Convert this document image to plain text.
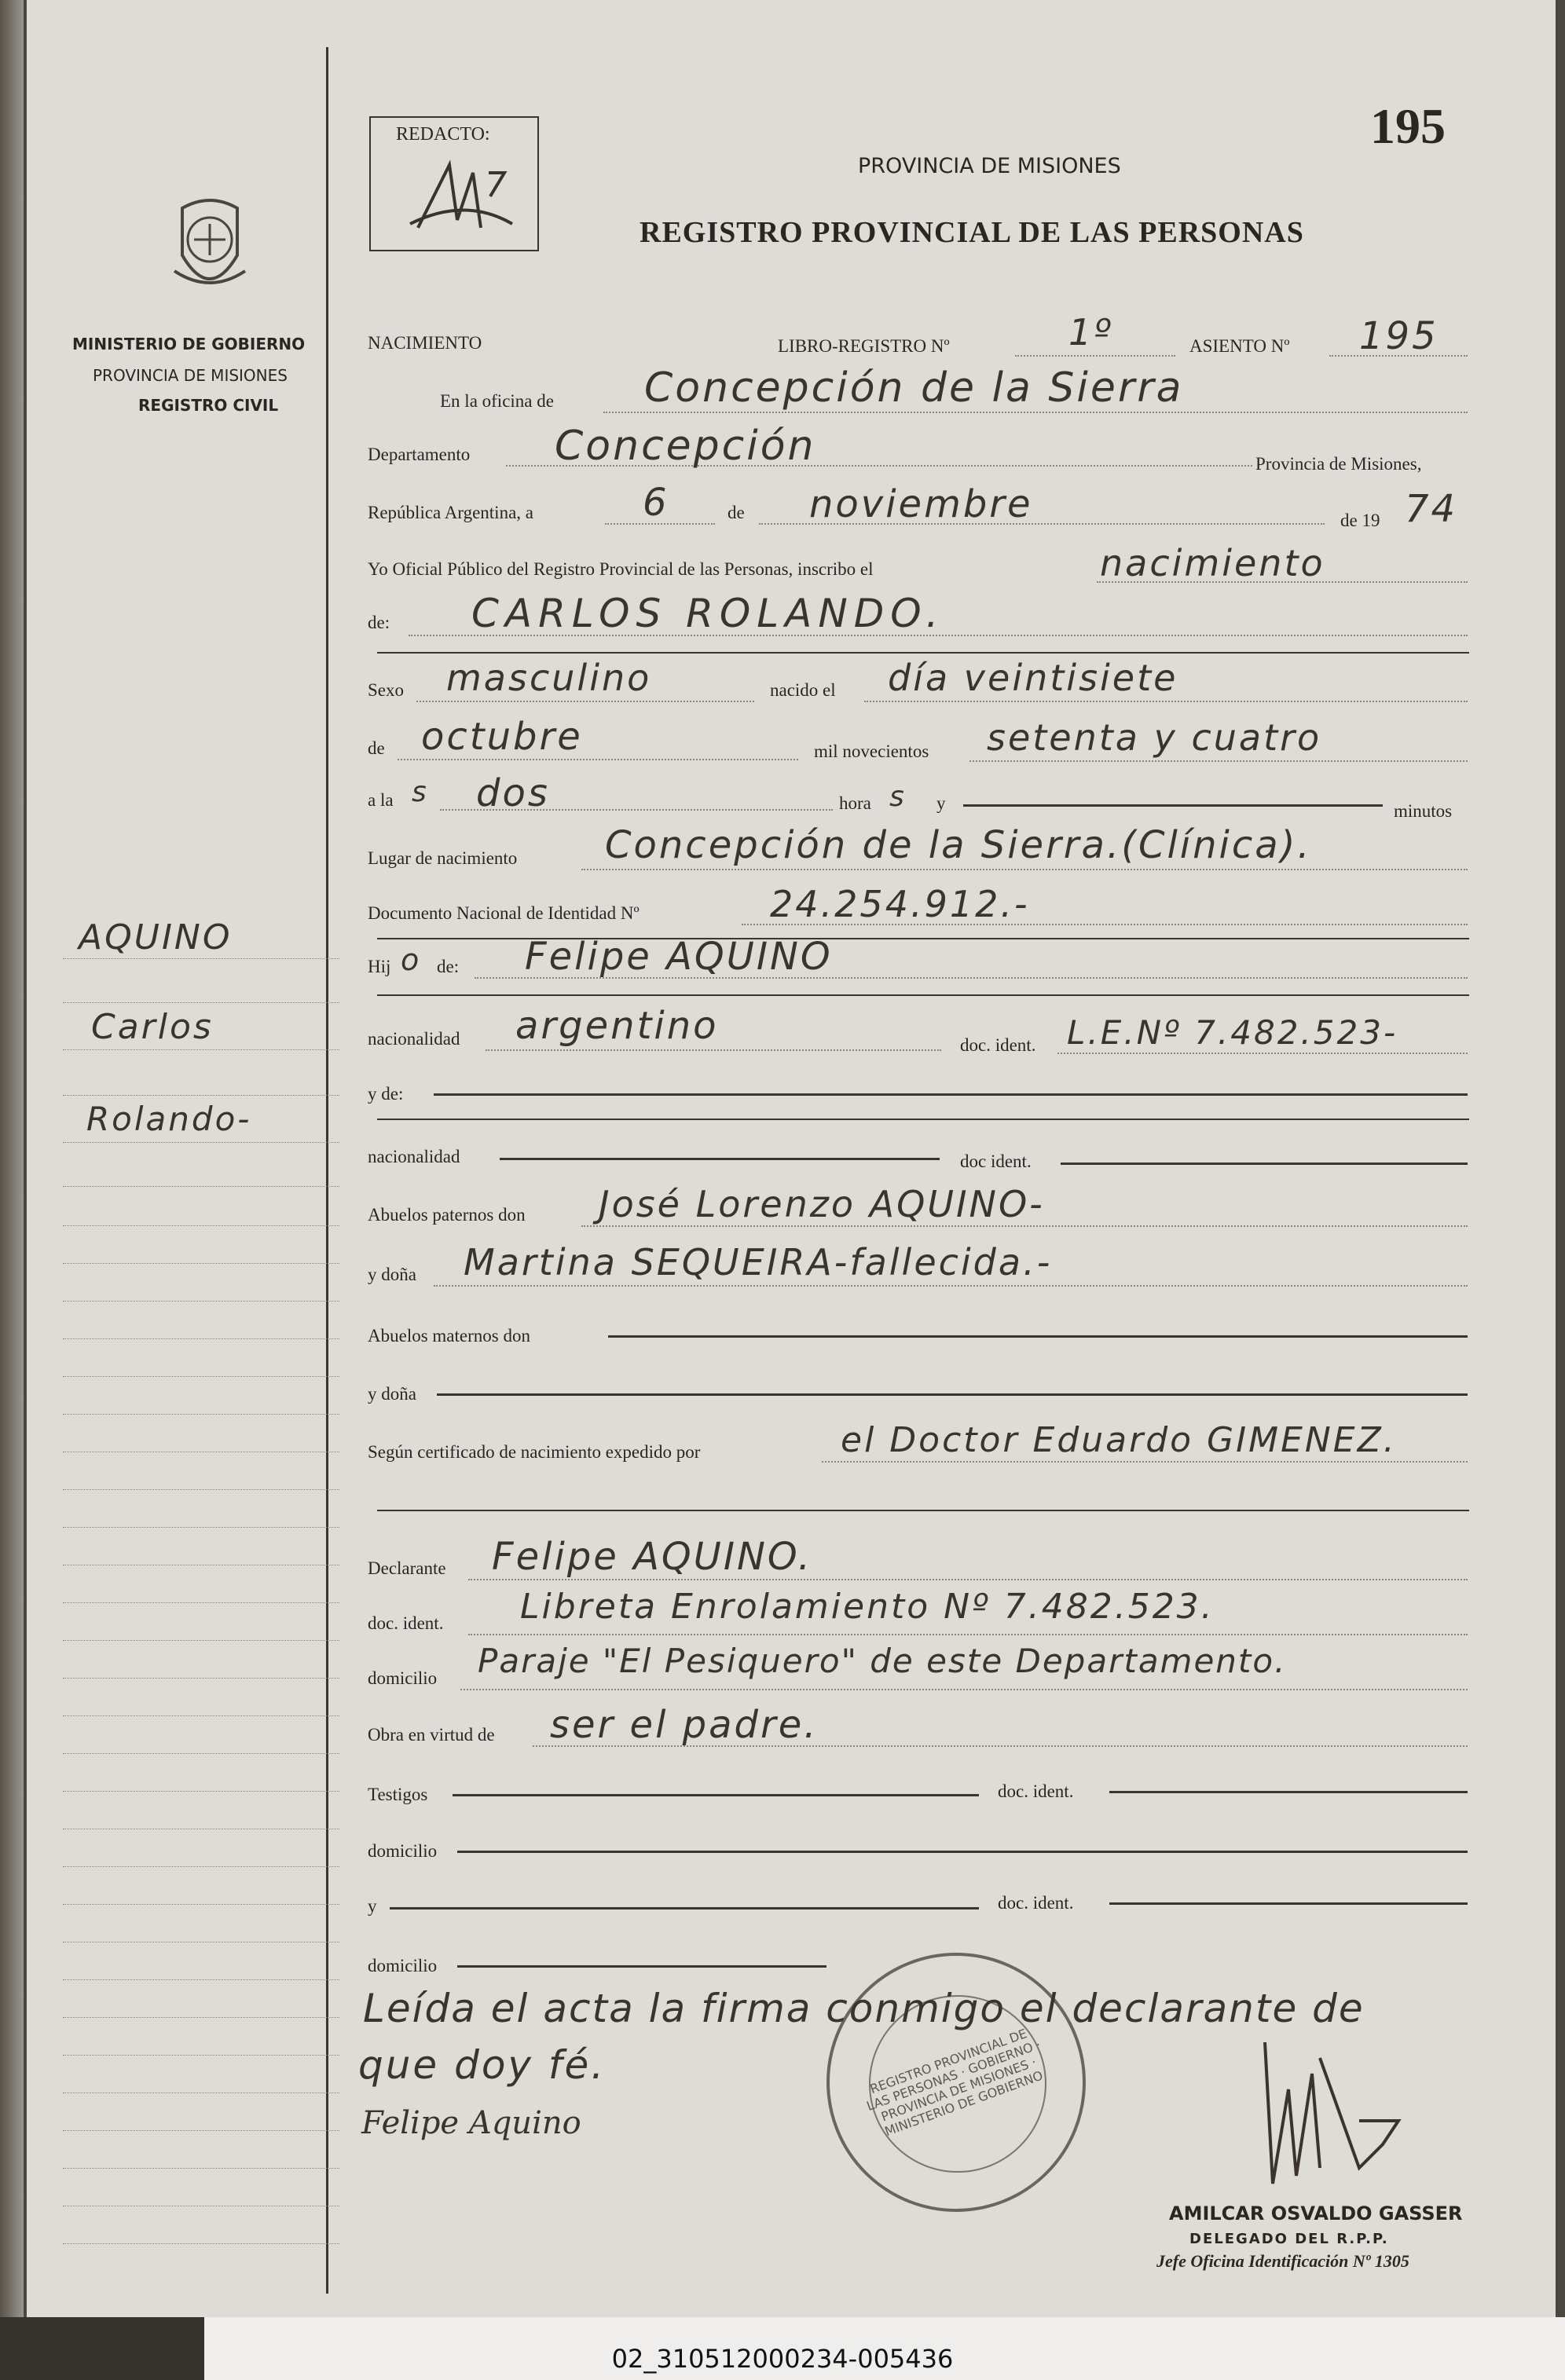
MINISTERIO DE GOBIERNO
PROVINCIA DE MISIONES
REGISTRO CIVIL
AQUINO
Carlos
Rolando-
REDACTO:	195
PROVINCIA DE MISIONES
REGISTRO PROVINCIAL DE LAS PERSONAS
NACIMIENTO	LIBRO-REGISTRO Nº	1º	ASIENTO Nº 195
En la oficina de Concepción de la Sierra
Departamento Concepción	Provincia de Misiones,
República Argentina, a	6	de noviembre	de 19 74
Yo Oficial Público del Registro Provincial de las Personas, inscribo el	nacimiento
de: CARLOS ROLANDO.
Sexo masculino	nacido el día veintisiete
de octubre	mil novecientos setenta y cuatro
a la s dos	hora s y	minutos
Lugar de nacimiento Concepción de la Sierra.(Clínica).
Documento Nacional de Identidad Nº	24.254.912.-
Hij o de: Felipe AQUINO
nacionalidad argentino	doc. ident. L.E.Nº 7.482.523-
y de:
nacionalidad	doc ident.
Abuelos paternos don José Lorenzo AQUINO-
y doña Martina SEQUEIRA-fallecida.-
Abuelos maternos don
y doña
Según certificado de nacimiento expedido por	el Doctor Eduardo GIMENEZ.
Declarante Felipe AQUINO.
doc. ident. Libreta Enrolamiento Nº 7.482.523.
domicilio Paraje "El Pesiquero" de este Departamento.
Obra en virtud de ser el padre.
Testigos	doc. ident.
domicilio
y	doc. ident.
domicilio
REGISTRO PROVINCIAL DE LAS PERSONAS · GOBIERNO · PROVINCIA DE MISIONES · MINISTERIO DE GOBIERNO
Leída el acta la firma conmigo el declarante de
que doy fé.
Felipe Aquino
AMILCAR OSVALDO GASSER
DELEGADO DEL R.P.P.
Jefe Oficina Identificación Nº 1305
02_310512000234-005436
